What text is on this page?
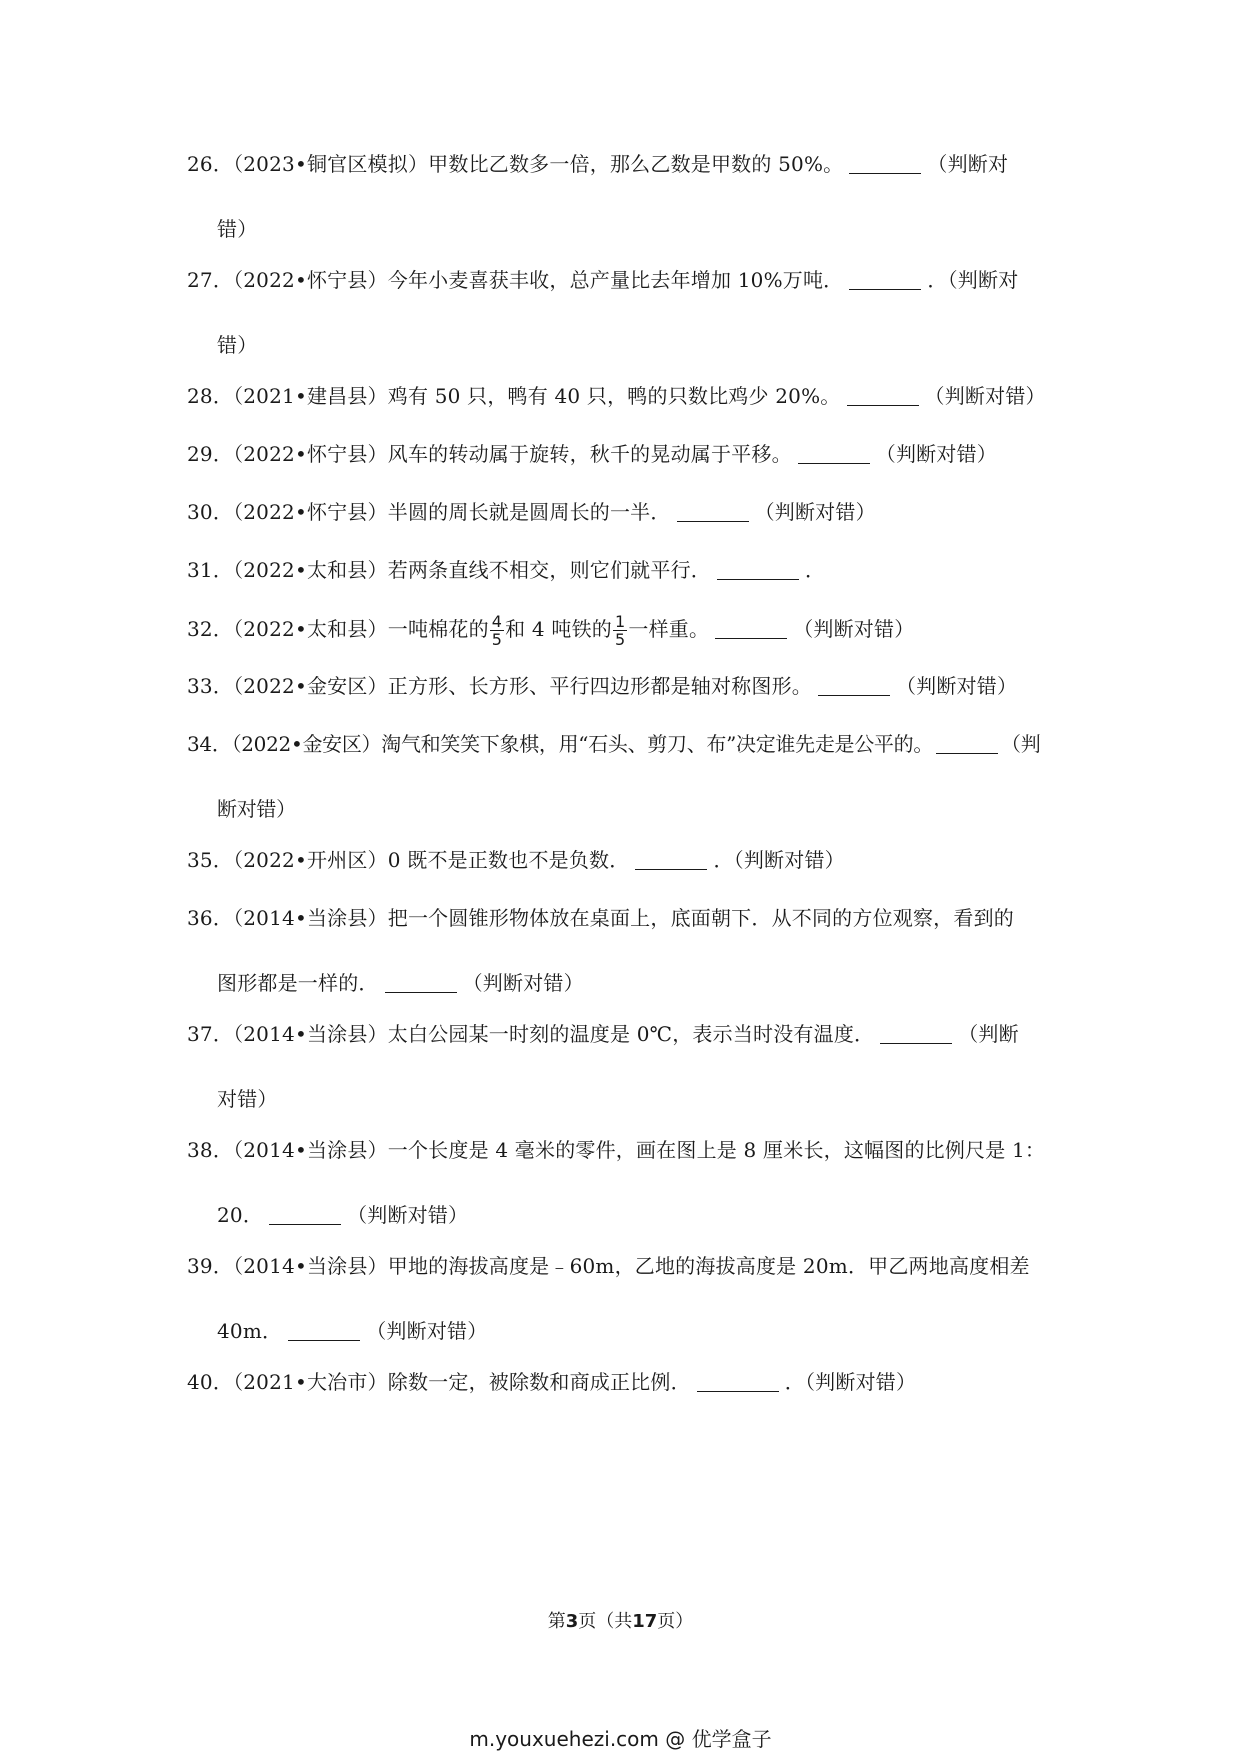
26．（2023•铜官区模拟）甲数比乙数多一倍，那么乙数是甲数的 50%。	（判断对
错）
27．（2022•怀宁县）今年小麦喜获丰收，总产量比去年增加 10%万吨．	．（判断对
错）
28．（2021•建昌县）鸡有 50 只，鸭有 40 只，鸭的只数比鸡少 20%。	（判断对错）
29．（2022•怀宁县）风车的转动属于旋转，秋千的晃动属于平移。	（判断对错）
30．（2022•怀宁县）半圆的周长就是圆周长的一半．	（判断对错）
31．（2022•太和县）若两条直线不相交，则它们就平行．	．
32．（2022•太和县）一吨棉花的 $\frac{4}{5}$ 和 4 吨铁的 $\frac{1}{5}$ 一样重。	（判断对错）
33．（2022•金安区）正方形、长方形、平行四边形都是轴对称图形。	（判断对错）
34．（2022•金安区）淘气和笑笑下象棋，用“石头、剪刀、布”决定谁先走是公平的。	（判
断对错）
35．（2022•开州区）0 既不是正数也不是负数．	．（判断对错）
36．（2014•当涂县）把一个圆锥形物体放在桌面上，底面朝下．从不同的方位观察，看到的
图形都是一样的．	（判断对错）
37．（2014•当涂县）太白公园某一时刻的温度是 0℃，表示当时没有温度．	（判断
对错）
38．（2014•当涂县）一个长度是 4 毫米的零件，画在图上是 8 厘米长，这幅图的比例尺是 1：
20．	（判断对错）
39．（2014•当涂县）甲地的海拔高度是﹣60m，乙地的海拔高度是 20m．甲乙两地高度相差
40m．	（判断对错）
40．（2021•大冶市）除数一定，被除数和商成正比例．	．（判断对错）
第3页（共17页）
m.youxuehezi.com @ 优学盒子
